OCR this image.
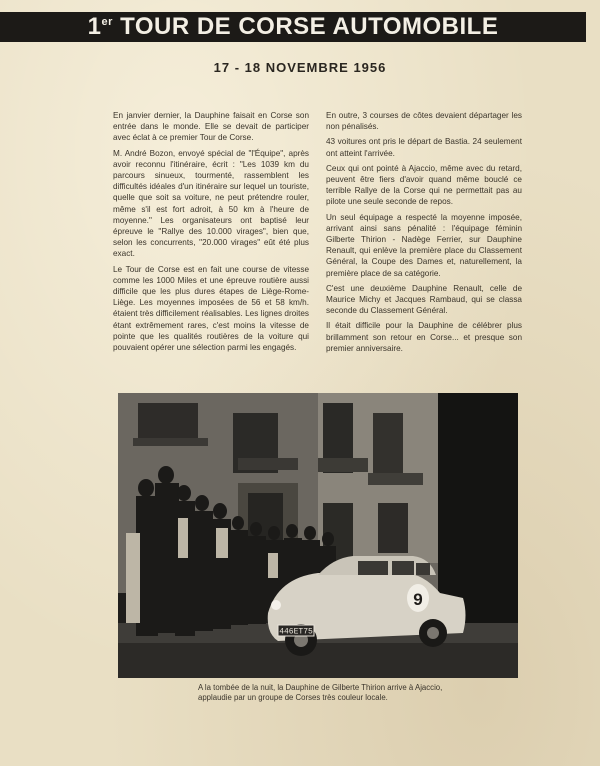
1er TOUR DE CORSE AUTOMOBILE
17 - 18 NOVEMBRE 1956

En janvier dernier, la Dauphine faisait en Corse son entrée dans le monde. Elle se devait de participer avec éclat à ce premier Tour de Corse.

M. André Bozon, envoyé spécial de "l'Équipe", après avoir reconnu l'itinéraire, écrit : "Les 1039 km du parcours sinueux, tourmenté, rassemblent les difficultés idéales d'un itinéraire sur lequel un touriste, quelle que soit sa voiture, ne peut prétendre rouler, même s'il est fort adroit, à 50 km à l'heure de moyenne." Les organisateurs ont baptisé leur épreuve le "Rallye des 10.000 virages", bien que, selon les concurrents, "20.000 virages" eût été plus exact.

Le Tour de Corse est en fait une course de vitesse comme les 1000 Miles et une épreuve routière aussi difficile que les plus dures étapes de Liège-Rome-Liège. Les moyennes imposées de 56 et 58 km/h. étaient très difficilement réalisables. Les lignes droites étant extrêmement rares, c'est moins la vitesse de pointe que les qualités routières de la voiture qui pouvaient opérer une sélection parmi les engagés.

En outre, 3 courses de côtes devaient départager les non pénalisés.

43 voitures ont pris le départ de Bastia. 24 seulement ont atteint l'arrivée.

Ceux qui ont pointé à Ajaccio, même avec du retard, peuvent être fiers d'avoir quand même bouclé ce terrible Rallye de la Corse qui ne permettait pas au pilote une seule seconde de repos.

Un seul équipage a respecté la moyenne imposée, arrivant ainsi sans pénalité : l'équipage féminin Gilberte Thirion - Nadège Ferrier, sur Dauphine Renault, qui enlève la première place du Classement Général, la Coupe des Dames et, naturellement, la première place de sa catégorie.

C'est une deuxième Dauphine Renault, celle de Maurice Michy et Jacques Rambaud, qui se classa seconde du Classement Général.

Il était difficile pour la Dauphine de célébrer plus brillamment son retour en Corse... et presque son premier anniversaire.

446ET75
9
A la tombée de la nuit, la Dauphine de Gilberte Thirion arrive à Ajaccio, applaudie par un groupe de Corses très couleur locale.
